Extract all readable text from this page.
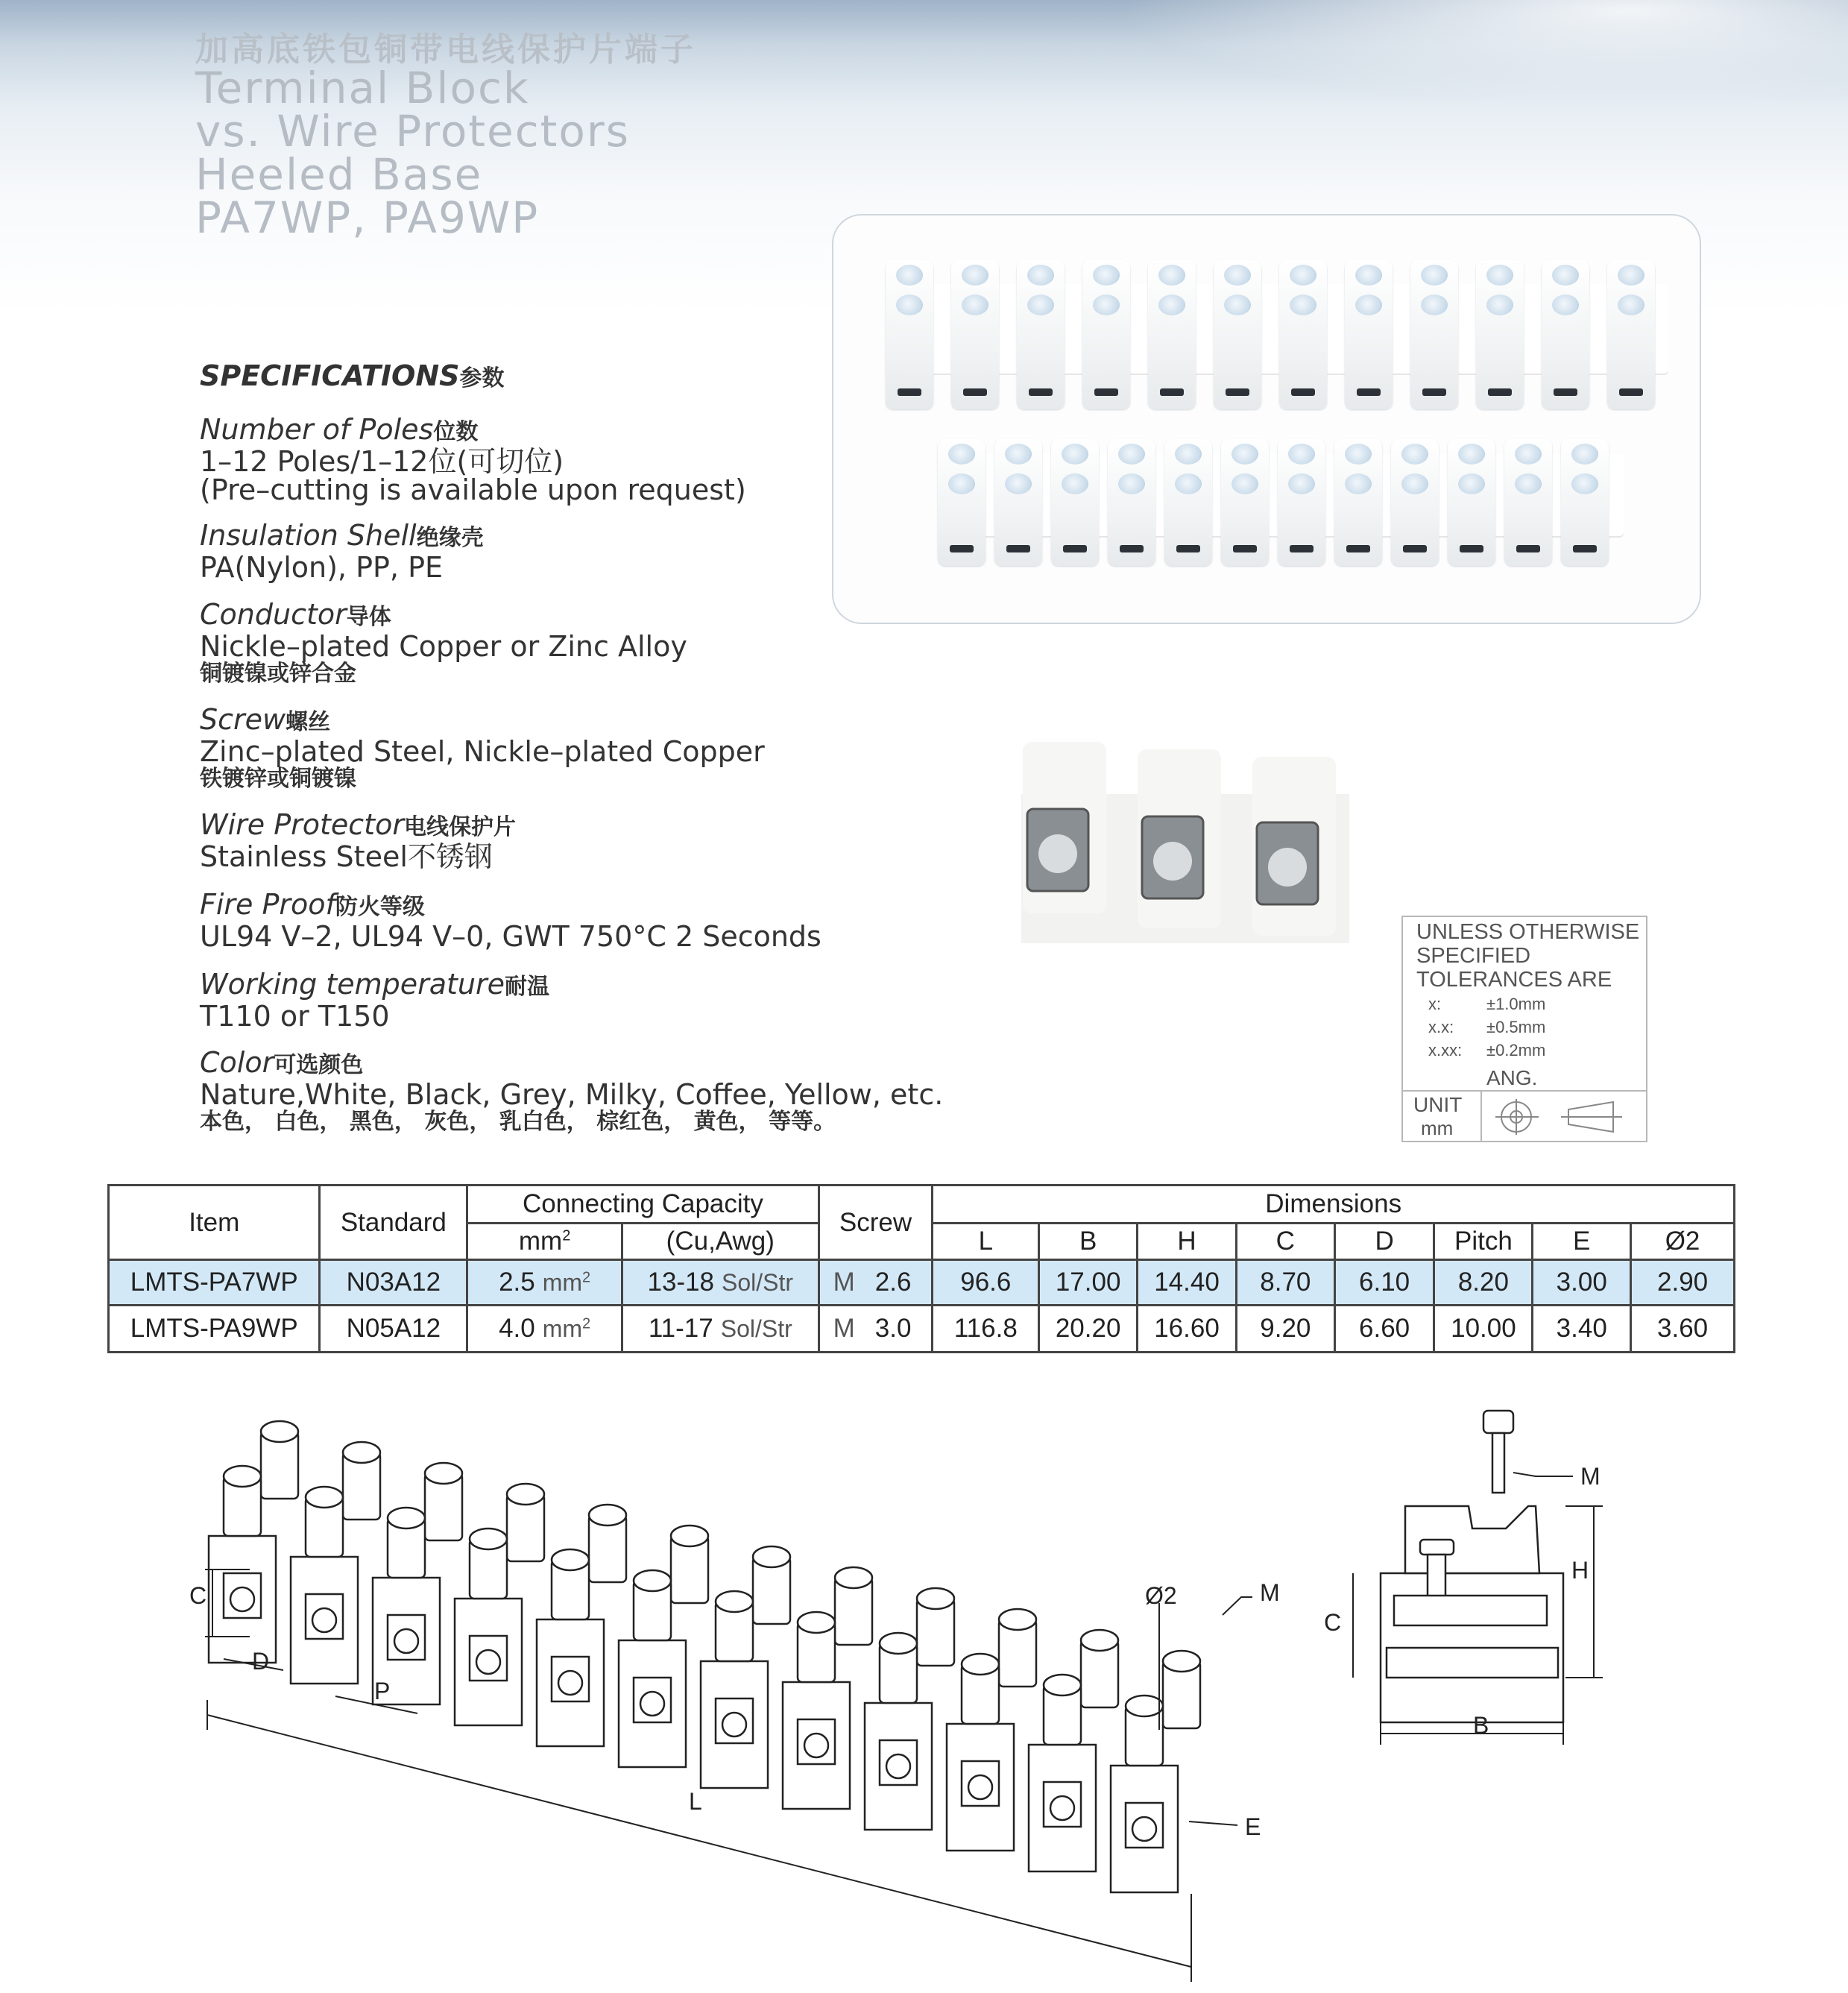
加高底铁包铜带电线保护片端子
Terminal Block
vs. Wire Protectors
Heeled Base
PA7WP, PA9WP
SPECIFICATIONS参数
Number of Poles位数
1–12 Poles/1–12位(可切位)
(Pre–cutting is available upon request)
Insulation Shell绝缘壳
PA(Nylon), PP, PE
Conductor导体
Nickle–plated Copper or Zinc Alloy
铜镀镍或锌合金
Screw螺丝
Zinc–plated Steel, Nickle–plated Copper
铁镀锌或铜镀镍
Wire Protector电线保护片
Stainless Steel不锈钢
Fire Proof防火等级
UL94 V–2, UL94 V–0, GWT 750°C 2 Seconds
Working temperature耐温
T110 or T150
Color可选颜色
Nature,White, Black, Grey, Milky, Coffee, Yellow, etc.
本色， 白色， 黑色， 灰色， 乳白色， 棕红色， 黄色， 等等。
UNLESS OTHERWISE
SPECIFIED
TOLERANCES ARE
x:	±1.0mm
x.x: ±0.5mm
x.xx: ±0.2mm
ANG.
UNIT
mm
Item	Standard	Connecting Capacity		Screw	Dimensions							
		$mm^2$	(Cu,Awg)		L	B	H	C	D	Pitch	E	Ø2
LMTS-PA7WP	N03A12	2.5 $mm^2$	13-18 Sol/Str	M 2.6	96.6	17.00	14.40	8.70	6.10	8.20	3.00	2.90
LMTS-PA9WP	N05A12	4.0 $mm^2$	11-17 Sol/Str	M 3.0	116.8	20.20	16.60	9.20	6.60	10.00	3.40	3.60
C
D
P
L
E
Ø2	M
M
H
C
B
